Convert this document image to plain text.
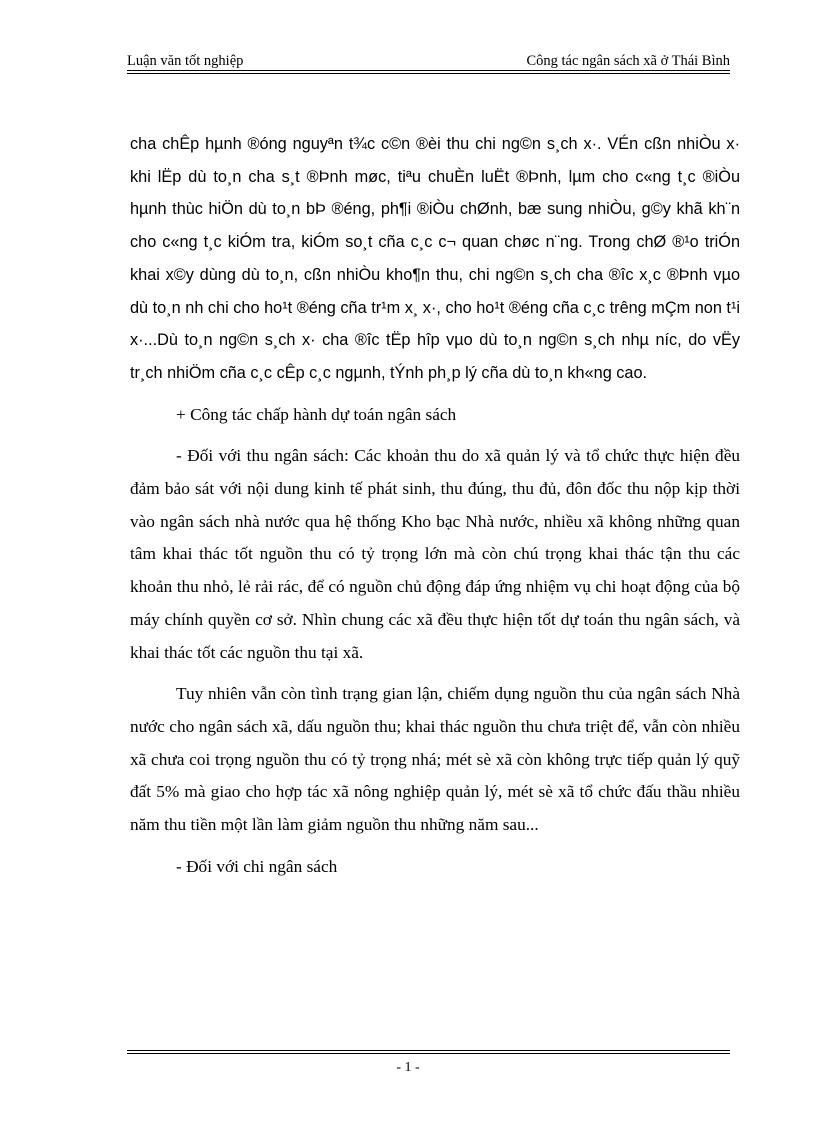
Luận văn tốt nghiệp	Công tác ngân sách xã ở Thái Bình

cha chÊp hµnh ®óng nguyªn t¾c c©n ®èi thu chi ng©n s¸ch x·. VÉn cßn nhiÒu x· khi lËp dù to¸n cha s¸t ®Þnh møc, tiªu chuÈn luËt ®Þnh, lµm cho c«ng t¸c ®iÒu hµnh thùc hiÖn dù to¸n bÞ ®éng, ph¶i ®iÒu chØnh, bæ sung nhiÒu, g©y khã kh¨n cho c«ng t¸c kiÓm tra, kiÓm so¸t cña c¸c c¬ quan chøc n¨ng. Trong chØ ®¹o triÓn khai x©y dùng dù to¸n, cßn nhiÒu kho¶n thu, chi ng©n s¸ch cha ®îc x¸c ®Þnh vµo dù to¸n nh chi cho ho¹t ®éng cña tr¹m x¸ x·, cho ho¹t ®éng cña c¸c trêng mÇm non t¹i x·...Dù to¸n ng©n s¸ch x· cha ®îc tËp hîp vµo dù to¸n ng©n s¸ch nhµ níc, do vËy tr¸ch nhiÖm cña c¸c cÊp c¸c ngµnh, tÝnh ph¸p lý cña dù to¸n kh«ng cao.

+ Công tác chấp hành dự toán ngân sách

- Đối với thu ngân sách: Các khoản thu do xã quản lý và tổ chức thực hiện đều đảm bảo sát với nội dung kinh tế phát sinh, thu đúng, thu đủ, đôn đốc thu nộp kịp thời vào ngân sách nhà nước qua hệ thống Kho bạc Nhà nước, nhiều xã không những quan tâm khai thác tốt nguồn thu có tỷ trọng lớn mà còn chú trọng khai thác tận thu các khoản thu nhỏ, lẻ rải rác, để có nguồn chủ động đáp ứng nhiệm vụ chi hoạt động của bộ máy chính quyền cơ sở. Nhìn chung các xã đều thực hiện tốt dự toán thu ngân sách, và khai thác tốt các nguồn thu tại xã.

Tuy nhiên vẫn còn tình trạng gian lận, chiếm dụng nguồn thu của ngân sách Nhà nước cho ngân sách xã, dấu nguồn thu; khai thác nguồn thu chưa triệt để, vẫn còn nhiều xã chưa coi trọng nguồn thu có tỷ trọng nhá; mét sè xã còn không trực tiếp quản lý quỹ đất 5% mà giao cho hợp tác xã nông nghiệp quản lý, mét sè xã tổ chức đấu thầu nhiều năm thu tiền một lần làm giảm nguồn thu những năm sau...

- Đối với chi ngân sách

- 1 -
